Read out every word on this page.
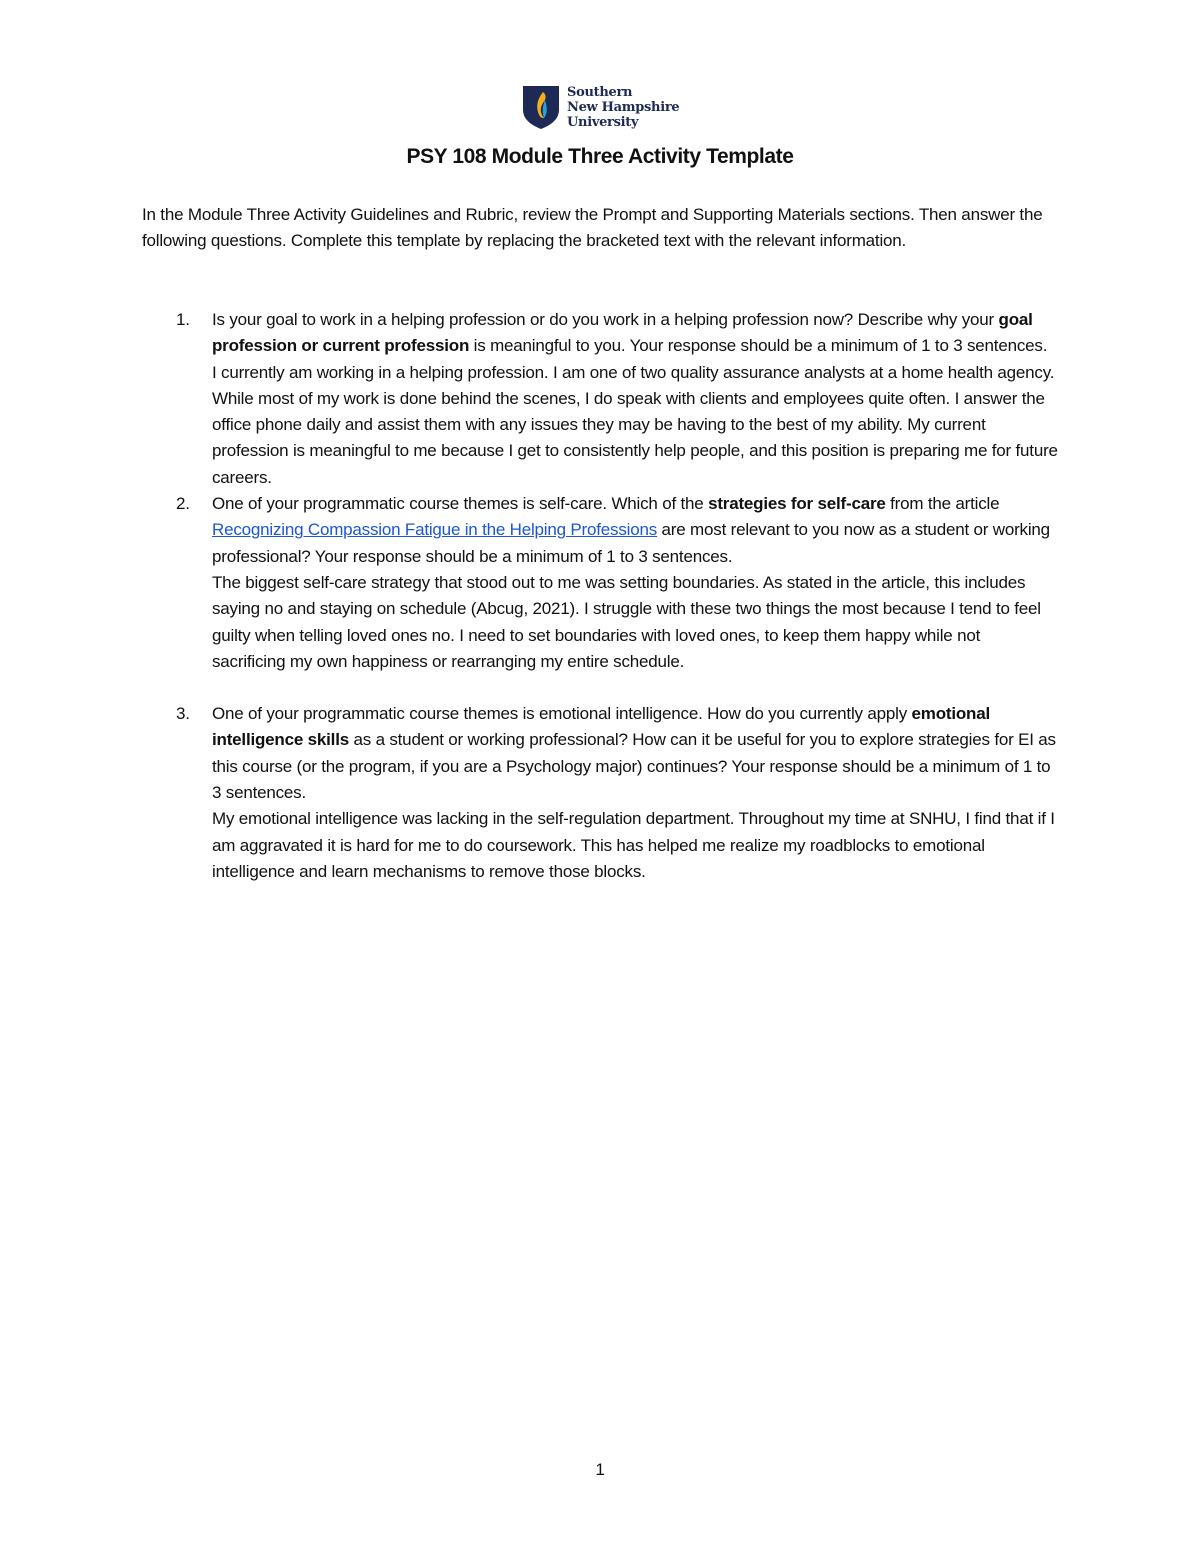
Southern
New Hampshire
University
PSY 108 Module Three Activity Template
In the Module Three Activity Guidelines and Rubric, review the Prompt and Supporting Materials sections. Then answer the following questions. Complete this template by replacing the bracketed text with the relevant information.
1. Is your goal to work in a helping profession or do you work in a helping profession now? Describe why your goal profession or current profession is meaningful to you. Your response should be a minimum of 1 to 3 sentences.
I currently am working in a helping profession. I am one of two quality assurance analysts at a home health agency. While most of my work is done behind the scenes, I do speak with clients and employees quite often. I answer the office phone daily and assist them with any issues they may be having to the best of my ability. My current profession is meaningful to me because I get to consistently help people, and this position is preparing me for future careers.
2. One of your programmatic course themes is self-care. Which of the strategies for self-care from the article Recognizing Compassion Fatigue in the Helping Professions are most relevant to you now as a student or working professional? Your response should be a minimum of 1 to 3 sentences.
The biggest self-care strategy that stood out to me was setting boundaries. As stated in the article, this includes saying no and staying on schedule (Abcug, 2021). I struggle with these two things the most because I tend to feel guilty when telling loved ones no. I need to set boundaries with loved ones, to keep them happy while not sacrificing my own happiness or rearranging my entire schedule.
3. One of your programmatic course themes is emotional intelligence. How do you currently apply emotional intelligence skills as a student or working professional? How can it be useful for you to explore strategies for EI as this course (or the program, if you are a Psychology major) continues? Your response should be a minimum of 1 to 3 sentences.
My emotional intelligence was lacking in the self-regulation department. Throughout my time at SNHU, I find that if I am aggravated it is hard for me to do coursework. This has helped me realize my roadblocks to emotional intelligence and learn mechanisms to remove those blocks.
1
